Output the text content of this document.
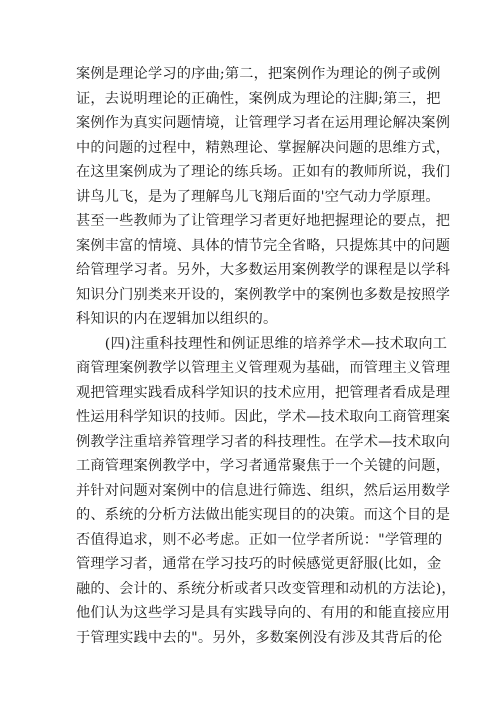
案例是理论学习的序曲;第二，把案例作为理论的例子或例
证，去说明理论的正确性，案例成为理论的注脚;第三，把
案例作为真实问题情境，让管理学习者在运用理论解决案例
中的问题的过程中，精熟理论、掌握解决问题的思维方式，
在这里案例成为了理论的练兵场。正如有的教师所说，我们
讲鸟儿飞，是为了理解鸟儿飞翔后面的'空气动力学原理。
甚至一些教师为了让管理学习者更好地把握理论的要点，把
案例丰富的情境、具体的情节完全省略，只提炼其中的问题
给管理学习者。另外，大多数运用案例教学的课程是以学科
知识分门别类来开设的，案例教学中的案例也多数是按照学
科知识的内在逻辑加以组织的。
　　(四)注重科技理性和例证思维的培养学术—技术取向工
商管理案例教学以管理主义管理观为基础，而管理主义管理
观把管理实践看成科学知识的技术应用，把管理者看成是理
性运用科学知识的技师。因此，学术—技术取向工商管理案
例教学注重培养管理学习者的科技理性。在学术—技术取向
工商管理案例教学中，学习者通常聚焦于一个关键的问题，
并针对问题对案例中的信息进行筛选、组织，然后运用数学
的、系统的分析方法做出能实现目的的决策。而这个目的是
否值得追求，则不必考虑。正如一位学者所说："学管理的
管理学习者，通常在学习技巧的时候感觉更舒服(比如，金
融的、会计的、系统分析或者只改变管理和动机的方法论)，
他们认为这些学习是具有实践导向的、有用的和能直接应用
于管理实践中去的"。另外，多数案例没有涉及其背后的伦
